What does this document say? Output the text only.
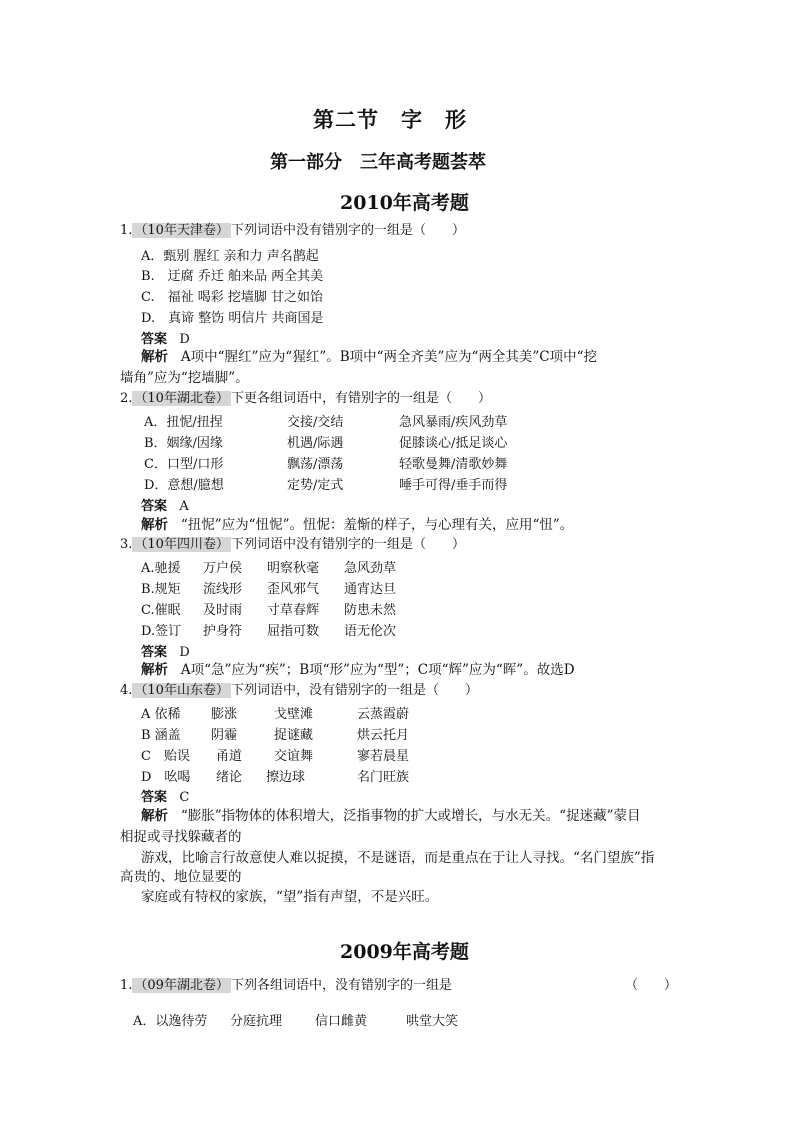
第二节　字　形
第一部分　三年高考题荟萃
2010年高考题
1. （10年天津卷） 下列词语中没有错别字的一组是（　　）
A．甄别 腥红 亲和力 声名鹊起
B.　迂腐 乔迁 舶来品 两全其美
C.　福祉 喝彩 挖墙脚 甘之如饴
D.　真谛 整饬 明信片 共商国是
答案 D
解析 A项中“腥红”应为“猩红”。B项中“两全齐美”应为“两全其美”C项中“挖
墙角”应为“挖墙脚”。
2. （10年湖北卷） 下更各组词语中，有错别字的一组是（　　）
A．扭怩/扭捏	交接/交结	急风暴雨/疾风劲草
B．姻缘/因缘	机遇/际遇	促膝谈心/抵足谈心
C．口型/口形	飘荡/漂荡	轻歌曼舞/清歌妙舞
D．意想/臆想	定势/定式	唾手可得/垂手而得
答案 A
解析 “扭怩”应为“忸怩”。忸怩：羞惭的样子，与心理有关，应用“忸”。
3. （10年四川卷） 下列词语中没有错别字的一组是（　　）
A.驰援 万户侯 明察秋毫 急风劲草
B.规矩 流线形 歪风邪气 通宵达旦
C.催眠 及时雨 寸草春辉 防患未然
D.签订 护身符 屈指可数 语无伦次
答案 D
解析 A项“急”应为“疾”；B项“形”应为“型”；C项“辉”应为“晖”。故选D
4. （10年山东卷） 下列词语中，没有错别字的一组是（　　）
A 依稀 膨涨	戈壁滩	云蒸霞蔚
B 涵盖 阴霾	捉谜藏	烘云托月
C　贻误 甬道 交谊舞	寥若晨星
D　吆喝 绪论 擦边球	名门旺族
答案 C
解析 “膨胀”指物体的体积增大，泛指事物的扩大或增长，与水无关。“捉迷藏”蒙目
相捉或寻找躲藏者的
游戏，比喻言行故意使人难以捉摸，不是谜语，而是重点在于让人寻找。“名门望族”指
高贵的、地位显要的
家庭或有特权的家族，“望”指有声望，不是兴旺。
2009年高考题
1. （09年湖北卷） 下列各组词语中，没有错别字的一组是	（　　）
A．以逸待劳 分庭抗理	信口雌黄	哄堂大笑
